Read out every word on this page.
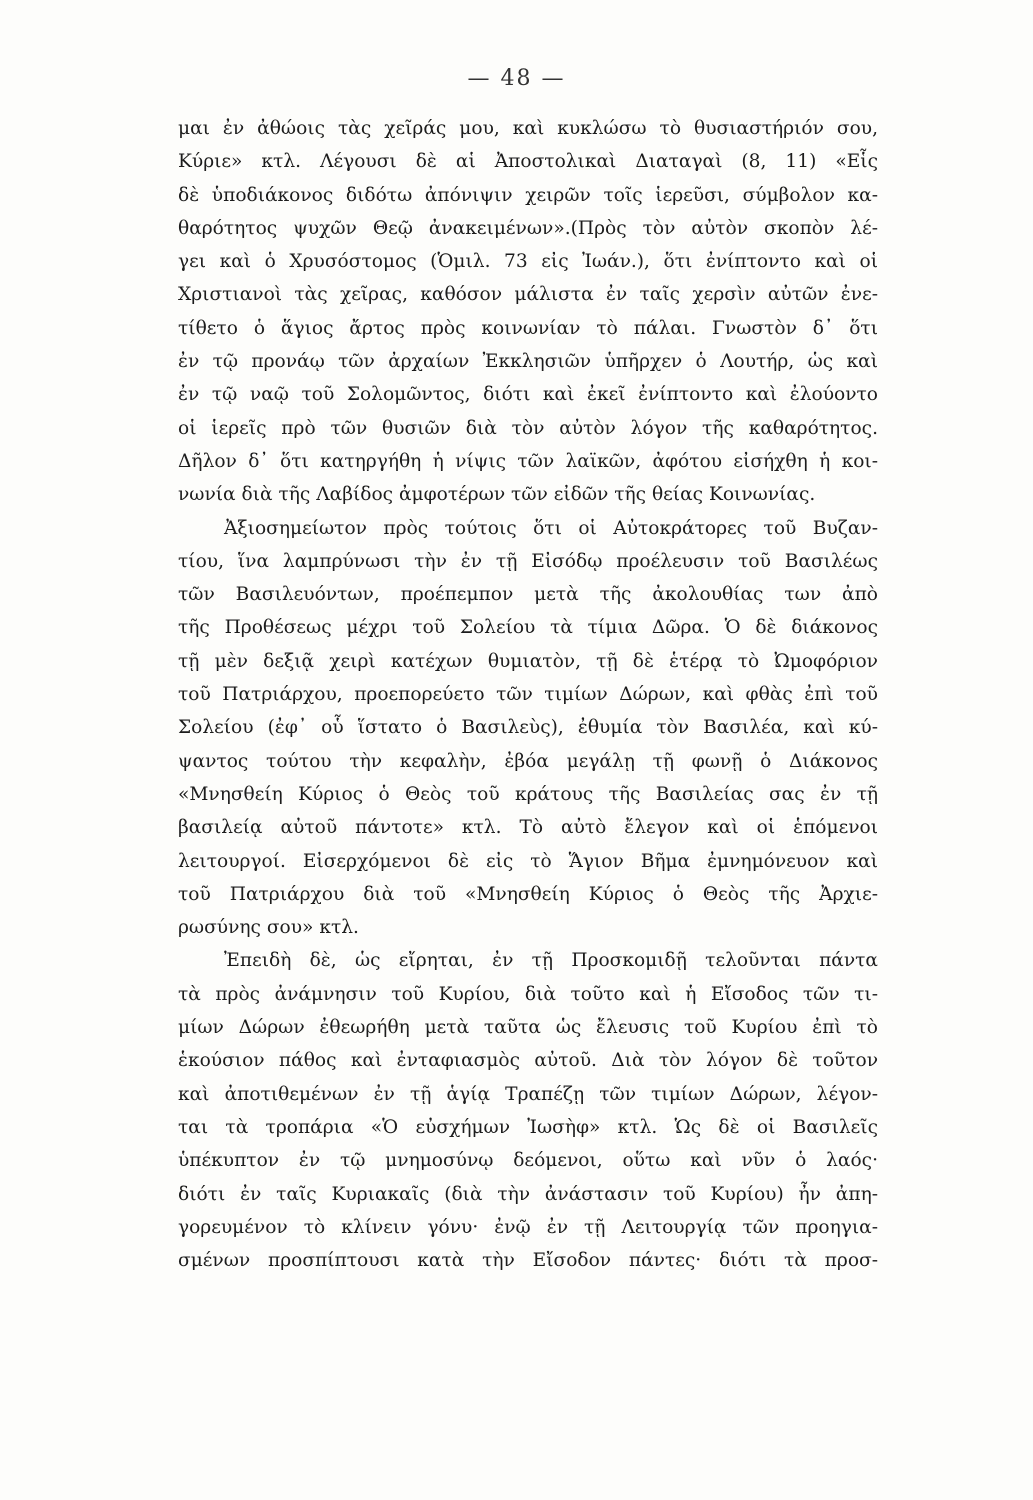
— 48 —
μαι ἐν ἀθώοις τὰς χεῖράς μου, καὶ κυκλώσω τὸ θυσιαστήριόν σου,
Κύριε» κτλ. Λέγουσι δὲ αἱ Ἀποστολικαὶ Διαταγαὶ (8, 11) «Εἷς
δὲ ὑποδιάκονος διδότω ἀπόνιψιν χειρῶν τοῖς ἱερεῦσι, σύμβολον κα-
θαρότητος ψυχῶν Θεῷ ἀνακειμένων».(Πρὸς τὸν αὐτὸν σκοπὸν λέ-
γει καὶ ὁ Χρυσόστομος (Ὁμιλ. 73 εἰς Ἰωάν.), ὅτι ἐνίπτοντο καὶ οἱ
Χριστιανοὶ τὰς χεῖρας, καθόσον μάλιστα ἐν ταῖς χερσὶν αὐτῶν ἐνε-
τίθετο ὁ ἅγιος ἄρτος πρὸς κοινωνίαν τὸ πάλαι. Γνωστὸν δ᾽ ὅτι
ἐν τῷ προνάῳ τῶν ἀρχαίων Ἐκκλησιῶν ὑπῆρχεν ὁ Λουτήρ, ὡς καὶ
ἐν τῷ ναῷ τοῦ Σολομῶντος, διότι καὶ ἐκεῖ ἐνίπτοντο καὶ ἐλούοντο
οἱ ἱερεῖς πρὸ τῶν θυσιῶν διὰ τὸν αὐτὸν λόγον τῆς καθαρότητος.
Δῆλον δ᾽ ὅτι κατηργήθη ἡ νίψις τῶν λαϊκῶν, ἀφότου εἰσήχθη ἡ κοι-
νωνία διὰ τῆς Λαβίδος ἀμφοτέρων τῶν εἰδῶν τῆς θείας Κοινωνίας.
Ἀξιοσημείωτον πρὸς τούτοις ὅτι οἱ Αὐτοκράτορες τοῦ Βυζαν-
τίου, ἵνα λαμπρύνωσι τὴν ἐν τῇ Εἰσόδῳ προέλευσιν τοῦ Βασιλέως
τῶν Βασιλευόντων, προέπεμπον μετὰ τῆς ἀκολουθίας των ἀπὸ
τῆς Προθέσεως μέχρι τοῦ Σολείου τὰ τίμια Δῶρα. Ὁ δὲ διάκονος
τῇ μὲν δεξιᾷ χειρὶ κατέχων θυμιατὸν, τῇ δὲ ἑτέρᾳ τὸ Ὠμοφόριον
τοῦ Πατριάρχου, προεπορεύετο τῶν τιμίων Δώρων, καὶ φθὰς ἐπὶ τοῦ
Σολείου (ἐφ᾽ οὗ ἵστατο ὁ Βασιλεὺς), ἐθυμία τὸν Βασιλέα, καὶ κύ-
ψαντος τούτου τὴν κεφαλὴν, ἐβόα μεγάλῃ τῇ φωνῇ ὁ Διάκονος
«Μνησθείη Κύριος ὁ Θεὸς τοῦ κράτους τῆς Βασιλείας σας ἐν τῇ
βασιλείᾳ αὐτοῦ πάντοτε» κτλ. Τὸ αὐτὸ ἔλεγον καὶ οἱ ἑπόμενοι
λειτουργοί. Εἰσερχόμενοι δὲ εἰς τὸ Ἅγιον Βῆμα ἐμνημόνευον καὶ
τοῦ Πατριάρχου διὰ τοῦ «Μνησθείη Κύριος ὁ Θεὸς τῆς Ἀρχιε-
ρωσύνης σου» κτλ.
Ἐπειδὴ δὲ, ὡς εἴρηται, ἐν τῇ Προσκομιδῇ τελοῦνται πάντα
τὰ πρὸς ἀνάμνησιν τοῦ Κυρίου, διὰ τοῦτο καὶ ἡ Εἴσοδος τῶν τι-
μίων Δώρων ἐθεωρήθη μετὰ ταῦτα ὡς ἔλευσις τοῦ Κυρίου ἐπὶ τὸ
ἑκούσιον πάθος καὶ ἐνταφιασμὸς αὐτοῦ. Διὰ τὸν λόγον δὲ τοῦτον
καὶ ἀποτιθεμένων ἐν τῇ ἁγίᾳ Τραπέζῃ τῶν τιμίων Δώρων, λέγον-
ται τὰ τροπάρια «Ὁ εὐσχήμων Ἰωσὴφ» κτλ. Ὡς δὲ οἱ Βασιλεῖς
ὑπέκυπτον ἐν τῷ μνημοσύνῳ δεόμενοι, οὕτω καὶ νῦν ὁ λαός·
διότι ἐν ταῖς Κυριακαῖς (διὰ τὴν ἀνάστασιν τοῦ Κυρίου) ἦν ἀπη-
γορευμένον τὸ κλίνειν γόνυ· ἐνῷ ἐν τῇ Λειτουργίᾳ τῶν προηγια-
σμένων προσπίπτουσι κατὰ τὴν Εἴσοδον πάντες· διότι τὰ προσ-
